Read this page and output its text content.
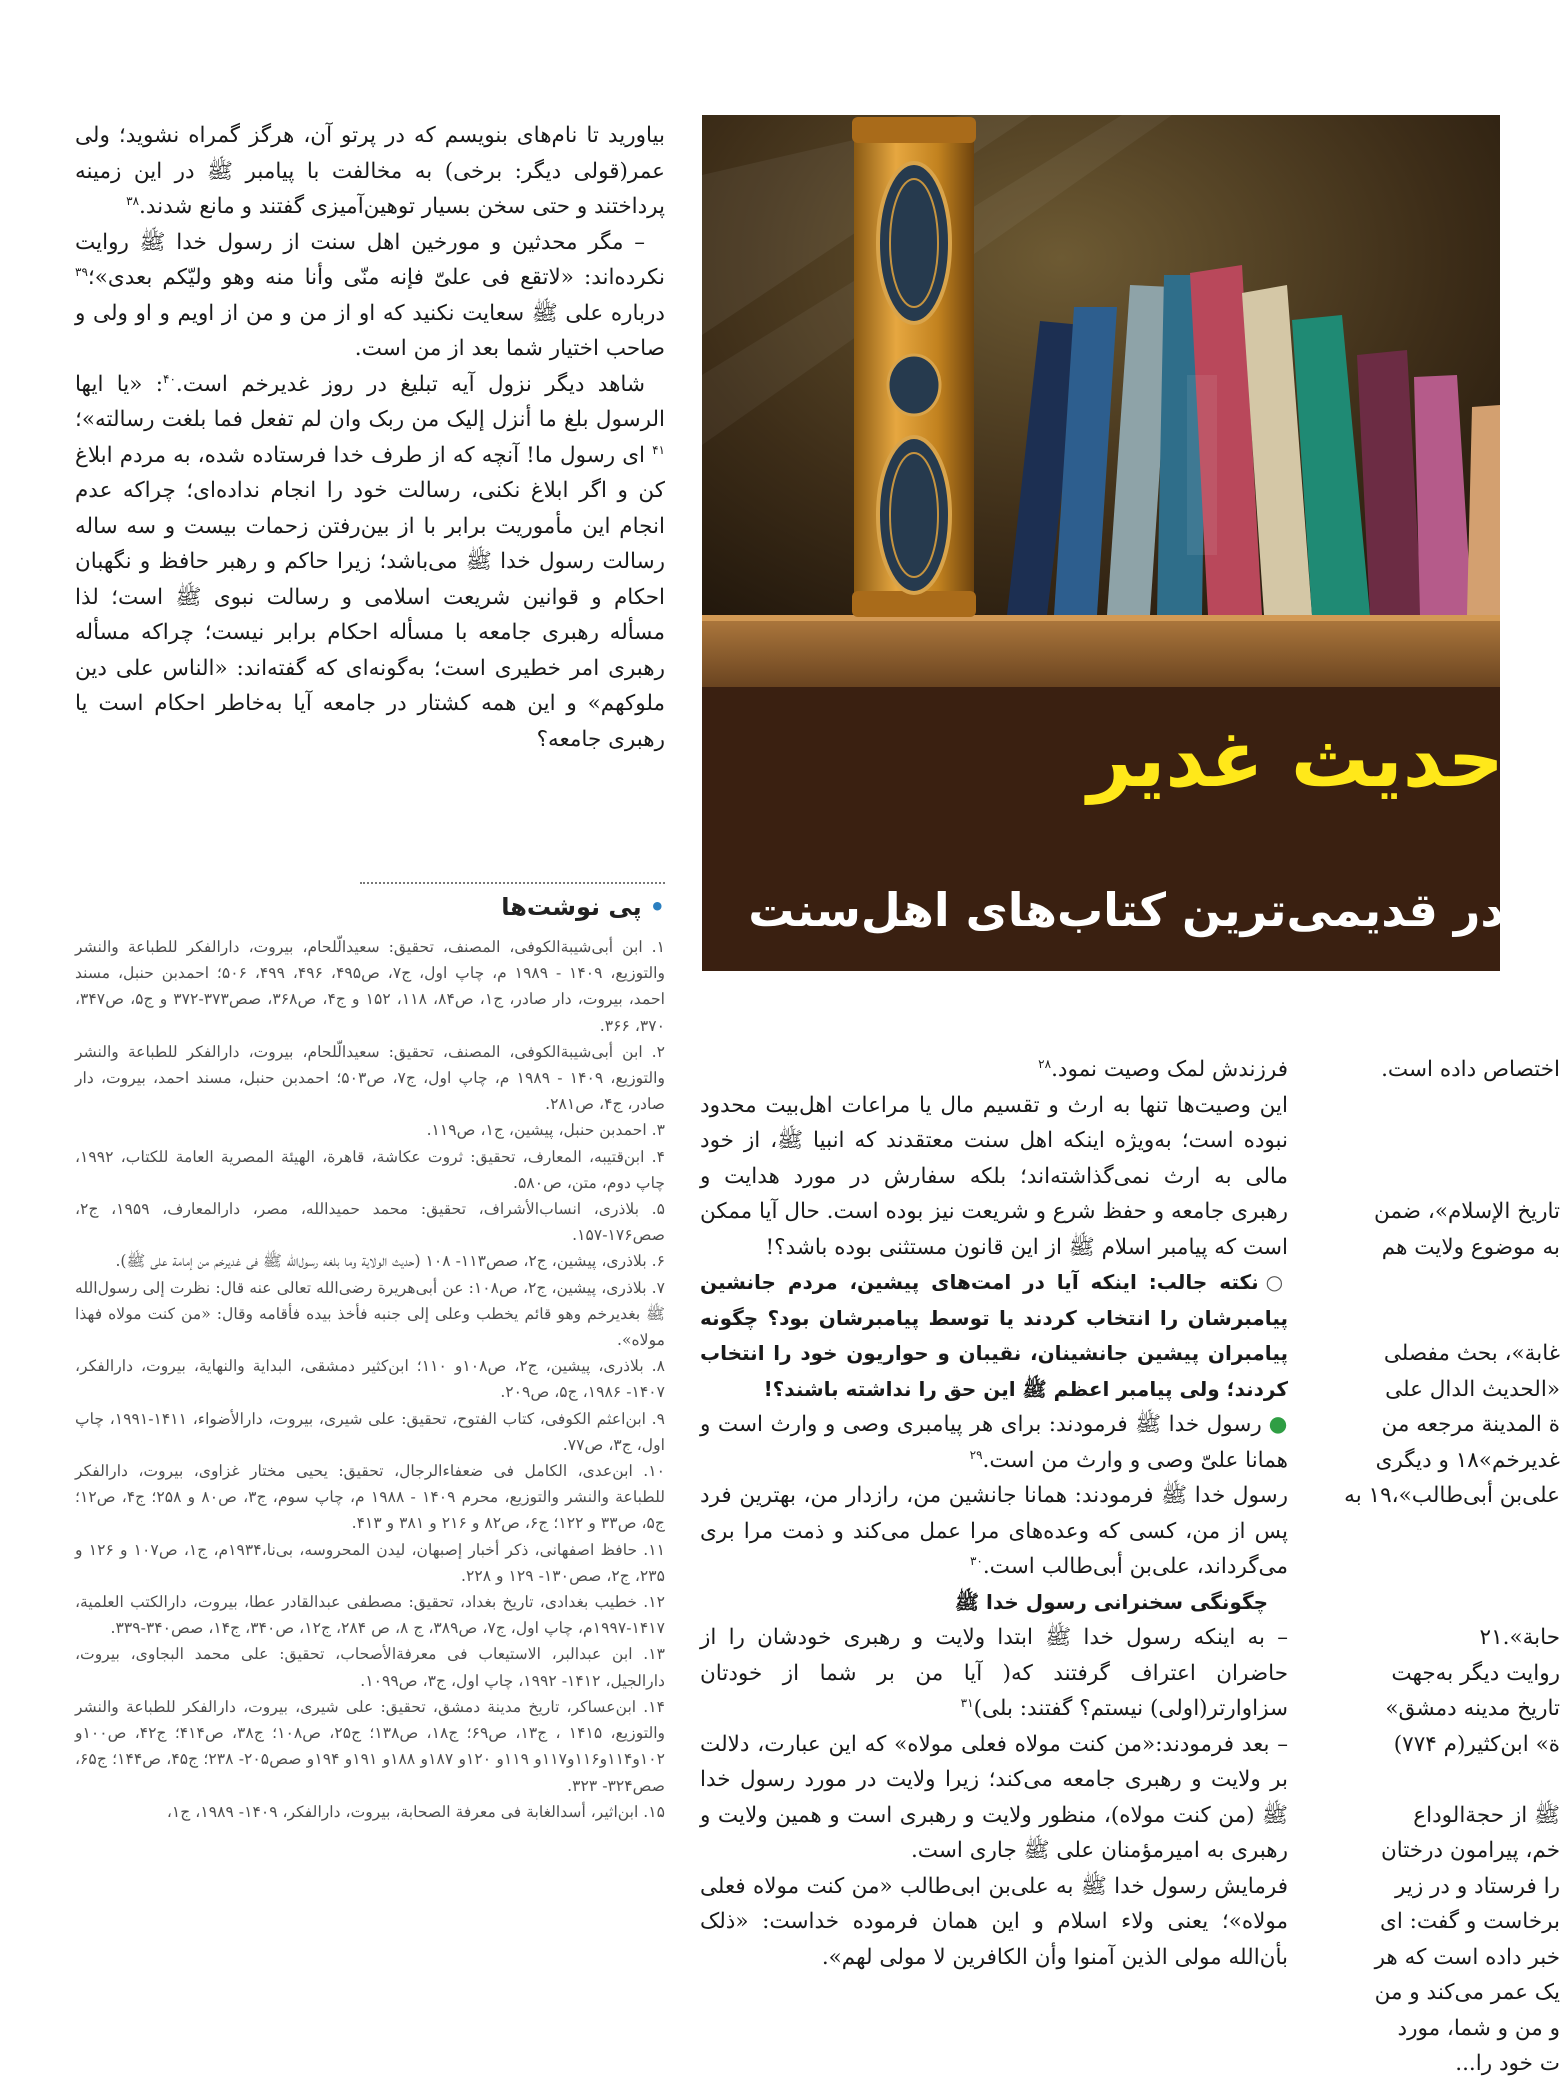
بیاورید تا نام‌های بنویسم که در پرتو آن، هرگز گمراه نشوید؛ ولی عمر(قولی دیگر: برخی) به مخالفت با پیامبر ﷺ در این زمینه پرداختند و حتی سخن بسیار توهین‌آمیزی گفتند و مانع شدند.$^{۳۸}$

– مگر محدثین و مورخین اهل سنت از رسول خدا ﷺ روایت نکرده‌اند: «لاتقع فی علیّ فإنه منّی وأنا منه وهو ولیّکم بعدی»؛$^{۳۹}$ درباره علی ﷺ سعایت نکنید که او از من و من از اویم و او ولی و صاحب اختیار شما بعد از من است.

شاهد دیگر نزول آیه تبلیغ در روز غدیرخم است.$^{۴۰}$: «یا ایها الرسول بلغ ما أنزل إلیک من ربک وان لم تفعل فما بلغت رسالته»؛$^{۴۱}$ ای رسول ما! آنچه که از طرف خدا فرستاده شده، به مردم ابلاغ کن و اگر ابلاغ نکنی، رسالت خود را انجام نداده‌ای؛ چراکه عدم انجام این مأموریت برابر با از بین‌رفتن زحمات بیست و سه ساله رسالت رسول خدا ﷺ می‌باشد؛ زیرا حاکم و رهبر حافظ و نگهبان احکام و قوانین شریعت اسلامی و رسالت نبوی ﷺ است؛ لذا مسأله رهبری جامعه با مسأله احکام برابر نیست؛ چراکه مسأله رهبری امر خطیری است؛ به‌گونه‌ای که گفته‌اند: «الناس علی دین ملوکهم» و این همه کشتار در جامعه آیا به‌خاطر احکام است یا رهبری جامعه؟

•پی نوشت‌ها

۱. ابن أبی‌شیبة‌الکوفی، المصنف، تحقیق: سعیدالّلحام، بیروت، دارالفکر للطباعة والنشر والتوزیع، ۱۴۰۹ - ۱۹۸۹ م، چاپ اول، ج۷، ص۴۹۵، ۴۹۶، ۴۹۹، ۵۰۶؛ احمدبن حنبل، مسند احمد، بیروت، دار صادر، ج۱، ص۸۴، ۱۱۸، ۱۵۲ و ج۴، ص۳۶۸، صص۳۷۳-۳۷۲ و ج۵، ص۳۴۷، ۳۷۰، ۳۶۶.

۲. ابن أبی‌شیبة‌الکوفی، المصنف، تحقیق: سعیدالّلحام، بیروت، دارالفکر للطباعة والنشر والتوزیع، ۱۴۰۹ - ۱۹۸۹ م، چاپ اول، ج۷، ص۵۰۳؛ احمدبن حنبل، مسند احمد، بیروت، دار صادر، ج۴، ص۲۸۱.

۳. احمدبن حنبل، پیشین، ج۱، ص۱۱۹.

۴. ابن‌قتیبه، المعارف، تحقیق: ثروت عکاشة، قاهرة، الهیئة المصریة العامة للکتاب، ۱۹۹۲، چاپ دوم، متن، ص۵۸۰.

۵. بلاذری، انساب‌الأشراف، تحقیق: محمد حمیدالله، مصر، دارالمعارف، ۱۹۵۹، ج۲، صص۱۷۶-۱۵۷.

۶. بلاذری، پیشین، ج۲، صص۱۱۳- ۱۰۸ (حدیث الولایة وما بلغه رسول‌الله ﷺ فی غدیرخم من إمامة علی ﷺ).

۷. بلاذری، پیشین، ج۲، ص۱۰۸: عن أبی‌هریرة رضی‌الله تعالی عنه قال: نظرت إلی رسول‌الله ﷺ بغدیرخم وهو قائم یخطب وعلی إلی جنبه فأخذ بیده فأقامه وقال: «من کنت مولاه فهذا مولاه».

۸. بلاذری، پیشین، ج۲، ص۱۰۸و ۱۱۰؛ ابن‌کثیر دمشقی، البدایة والنهایة، بیروت، دارالفکر، ۱۴۰۷- ۱۹۸۶، ج۵، ص۲۰۹.

۹. ابن‌اعثم الکوفی، کتاب الفتوح، تحقیق: علی شیری، بیروت، دارالأضواء، ۱۴۱۱-۱۹۹۱، چاپ اول، ج۳، ص۷۷.

۱۰. ابن‌عدی، الکامل فی ضعفاء‌الرجال، تحقیق: یحیی مختار غزاوی، بیروت، دارالفکر للطباعة والنشر والتوزیع، محرم ۱۴۰۹ - ۱۹۸۸ م، چاپ سوم، ج۳، ص۸۰ و ۲۵۸؛ ج۴، ص۱۲؛ ج۵، ص۳۳ و ۱۲۲؛ ج۶، ص۸۲ و ۲۱۶ و ۳۸۱ و ۴۱۳.

۱۱. حافظ اصفهانی، ذکر أخبار إصبهان، لیدن المحروسه، بی‌نا،۱۹۳۴م، ج۱، ص۱۰۷ و ۱۲۶ و ۲۳۵، ج۲، صص۱۳۰- ۱۲۹ و ۲۲۸.

۱۲. خطیب بغدادی، تاریخ بغداد، تحقیق: مصطفی عبدالقادر عطا، بیروت، دارالکتب العلمیة، ۱۴۱۷-۱۹۹۷م، چاپ اول، ج۷، ص۳۸۹، ج ۸، ص ۲۸۴، ج۱۲، ص۳۴۰، ج۱۴، صص۳۴۰-۳۳۹.

۱۳. ابن عبدالبر، الاستیعاب فی معرفة‌الأصحاب، تحقیق: علی محمد البجاوی، بیروت، دارالجیل، ۱۴۱۲- ۱۹۹۲، چاپ اول، ج۳، ص۱۰۹۹.

۱۴. ابن‌عساکر، تاریخ مدینة دمشق، تحقیق: علی شیری، بیروت، دارالفکر للطباعة والنشر والتوزیع، ۱۴۱۵ ، ج۱۳، ص۶۹؛ ج۱۸، ص۱۳۸؛ ج۲۵، ص۱۰۸؛ ج۳۸، ص۴۱۴؛ ج۴۲، ص۱۰۰و ۱۰۲و۱۱۴و۱۱۶و۱۱۷و ۱۱۹و ۱۲۰و ۱۸۷و ۱۸۸و ۱۹۱و ۱۹۴و صص۲۰۵- ۲۳۸؛ ج۴۵، ص۱۴۴؛ ج۶۵، صص۳۲۴- ۳۲۳.

۱۵. ابن‌اثیر، أسدالغابة فی معرفة الصحابة، بیروت، دارالفکر، ۱۴۰۹- ۱۹۸۹، ج۱،

حدیث غدیر
در قدیمی‌ترین کتاب‌های اهل‌سنت

فرزندش لمک وصیت نمود.$^{۲۸}$

این وصیت‌ها تنها به ارث و تقسیم مال یا مراعات اهل‌بیت محدود نبوده است؛ به‌ویژه اینکه اهل سنت معتقدند که انبیا ﷺ، از خود مالی به ارث نمی‌گذاشته‌اند؛ بلکه سفارش در مورد هدایت و رهبری جامعه و حفظ شرع و شریعت نیز بوده است. حال آیا ممکن است که پیامبر اسلام ﷺ از این قانون مستثنی بوده باشد؟!

○ نکته جالب: اینکه آیا در امت‌های پیشین، مردم جانشین پیامبرشان را انتخاب کردند یا توسط پیامبرشان بود؟ چگونه پیامبران پیشین جانشینان، نقیبان و حواریون خود را انتخاب کردند؛ ولی پیامبر اعظم ﷺ این حق را نداشته باشند؟!

● رسول خدا ﷺ فرمودند: برای هر پیامبری وصی و وارث است و همانا علیّ وصی و وارث من است.$^{۲۹}$

رسول خدا ﷺ فرمودند: همانا جانشین من، رازدار من، بهترین فرد پس از من، کسی که وعده‌های مرا عمل می‌کند و ذمت مرا بری می‌گرداند، علی‌بن أبی‌طالب است.$^{۳۰}$

چگونگی سخنرانی رسول خدا ﷺ

– به اینکه رسول خدا ﷺ ابتدا ولایت و رهبری خودشان را از حاضران اعتراف گرفتند که( آیا من بر شما از خودتان سزاوارتر(اولی) نیستم؟ گفتند: بلی)$^{۳۱}$

– بعد فرمودند:«من کنت مولاه فعلی مولاه» که این عبارت، دلالت بر ولایت و رهبری جامعه می‌کند؛ زیرا ولایت در مورد رسول خدا ﷺ (من کنت مولاه)، منظور ولایت و رهبری است و همین ولایت و رهبری به امیرمؤمنان علی ﷺ جاری است.

فرمایش رسول خدا ﷺ به علی‌بن ابی‌طالب «من کنت مولاه فعلی مولاه»؛ یعنی ولاء اسلام و این همان فرموده خداست: «ذلک بأن‌الله مولی الذین آمنوا وأن الکافرین لا مولی لهم».

اختصاص داده است.

تاریخ الإسلام»، ضمن

به موضوع ولایت هم

غابة»، بحث مفصلی

«الحدیث الدال علی

ة المدینة مرجعه من

غدیرخم»۱۸ و دیگری

علی‌بن أبی‌طالب»،۱۹ به

حابة».۲۱

روایت دیگر به‌جهت

تاریخ مدینه دمشق»

ة» ابن‌کثیر(م ۷۷۴)

ﷺ از حجة‌الوداع

خم، پیرامون درختان

را فرستاد و در زیر

برخاست و گفت: ای

خبر داده است که هر

یک عمر می‌کند و من

و من و شما، مورد

ت خود را...
